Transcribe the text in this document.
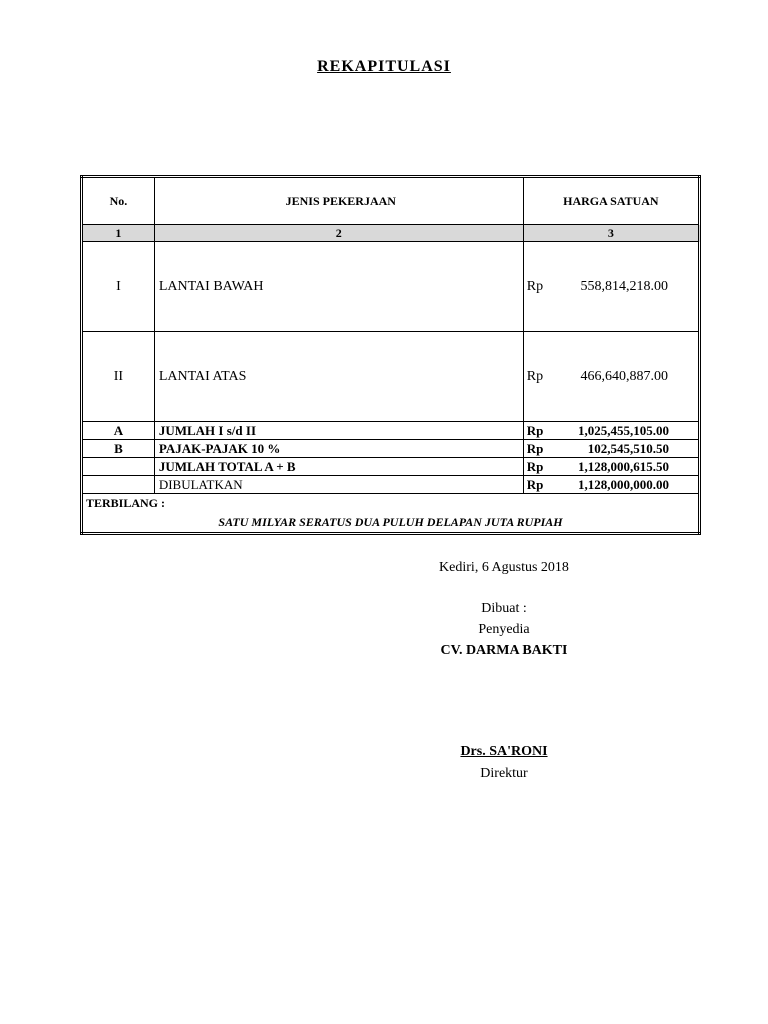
REKAPITULASI
No.	JENIS PEKERJAAN	HARGA SATUAN
1	2	3
I	LANTAI BAWAH	Rp 558,814,218.00

II	LANTAI ATAS	Rp 466,640,887.00

A	JUMLAH I s/d II	Rp 1,025,455,105.00

B	PAJAK-PAJAK 10 %	Rp 102,545,510.50

	JUMLAH TOTAL A + B	Rp 1,128,000,615.50

	DIBULATKAN	Rp 1,128,000,000.00

TERBILANG :
SATU MILYAR SERATUS DUA PULUH DELAPAN JUTA RUPIAH		
Kediri, 6 Agustus 2018
Dibuat :
Penyedia
CV. DARMA BAKTI
Drs. SA'RONI
Direktur
